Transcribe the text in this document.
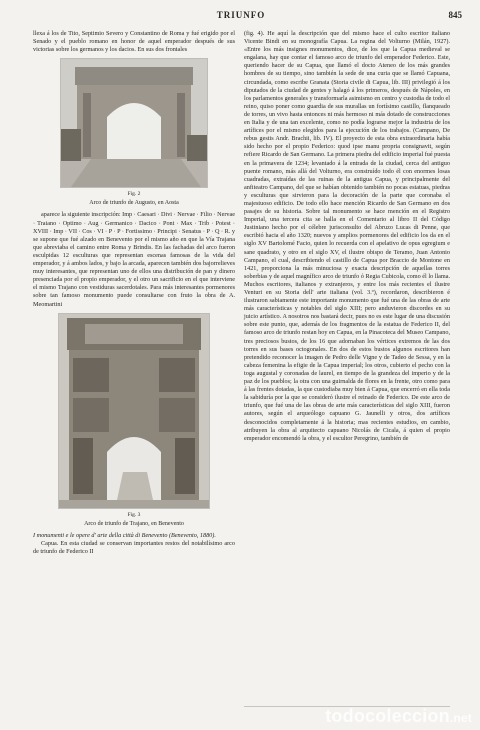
TRIUNFO	845

llexa á los de Tito, Septimio Severo y Constantino de Roma y fué erigido por el Senado y el pueblo romano en honor de aquel emperador después de sus victorias sobre los germanos y los dacios. En sus dos frontales

Fig. 2
Arco de triunfo de Augusto, en Aosta

aparece la siguiente inscripción: Imp · Caesari · Divi · Nervae · Filio · Nervae · Traiano · Optimo · Aug · Germanico · Dacico · Pont · Max · Trib · Potest · XVIII · Imp · VII · Cos · VI · P · P · Fortissimo · Principi · Senatus · P · Q · R. y se supone que fué alzado en Benevento por el mismo año en que la Vía Trajana que abreviaba el camino entre Roma y Brindis. En las fachadas del arco fueron esculpidas 12 esculturas que representan escenas famosas de la vida del emperador, y á ambos lados, y bajo la arcada, aparecen también dos bajorrelieves muy interesantes, que representan uno de ellos una distribución de pan y dinero presenciada por el propio emperador, y el otro un sacrificio en el que interviene el mismo Trajano con vestiduras sacerdotales. Para más interesantes pormenores sobre tan famoso monumento puede consultarse con fruto la obra de A. Meomartini

Fig. 3
Arco de triunfo de Trajano, en Benevento

I monumenti e le opere d' arte della città di Benevento (Benevento, 1880).

Capua. En esta ciudad se conservan importantes restos del notabilísimo arco de triunfo de Federico II

(fig. 4). He aquí la descripción que del mismo hace el culto escritor italiano Vicente Bindi en su monografía Capua. La regina del Volturno (Milán, 1927). «Entre los más insignes monumentos, dice, de los que la Capua medieval se engalana, hay que contar el famoso arco de triunfo del emperador Federico. Este, queriendo hacer de su Capua, que llamó el docto Ateneo de los más grandes hombres de su tiempo, sino también la sede de una curia que se llamó Capuana, circundada, como escribe Granata (Storia civile di Capua, lib. III) privilegió á los diputados de la ciudad de gentes y halagó á los primeros, después de Nápoles, en los parlamentos generales y transformarla asimismo en centro y custodia de todo el reino, quiso poner como guardia de sus murallas un fortísimo castillo, flanqueado de torres, un vivo hasta entonces ni más hermoso ni más dotado de construcciones en Italia y de una tan excelente, como no podía lograrse mejor la industria de los artífices por el mismo elegidos para la ejecución de los trabajos. (Campano, De rebus gestis Andr. Brachii, lib. IV). El proyecto de esta obra extraordinaria había sido hecho por el propio Federico: quod ipse manu propria consignavit, según refiere Ricardo de San Germano. La primera piedra del edificio imperial fué puesta en la primavera de 1234; levantado á la entrada de la ciudad, cerca del antiguo puente romano, más allá del Volturno, era construído todo él con enormes losas cuadradas, extraídas de las ruinas de la antigua Capua, y principalmente del anfiteatro Campano, del que se habían obtenido también no pocas estatuas, piedras y esculturas que sirvieron para la decoración de la parte que coronaba el majestuoso edificio. De todo ello hace mención Ricardo de San Germano en dos pasajes de su historia. Sobre tal monumento se hace mención en el Registro Imperial, una tercera cita se halla en el Comentario al libro II del Código Justiniano hecho por el célebre jurisconsulto del Abruzo Lucas di Penne, que escribió hacia el año 1320; nuevos y amplios pormenores del edificio los da en el siglo XV Bartolomé Facio, quien lo recuerda con el apelativo de opus egregium e sane quadrato, y otro en el siglo XV, el ilustre obispo de Teramo, Juan Antonio Campano, el cual, describiendo el castillo de Capua por Braccio de Montone en 1421, proporciona la más minuciosa y exacta descripción de aquellas torres soberbias y de aquel magnífico arco de triunfo ó Regia Cubicola, como él lo llama. Muchos escritores, italianos y extranjeros, y entre los más recientes el ilustre Venturi en su Storia dell' arte italiana (vol. 3.º), recordaron, describieron é ilustraron sabiamente este importante monumento que fué una de las obras de arte más características y notables del siglo XIII; pero anduvieron discordes en su juicio artístico. A nosotros nos bastará decir, pues no es este lugar de una discusión sobre este punto, que, además de los fragmentos de la estatua de Federico II, del famoso arco de triunfo restan hoy en Capua, en la Pinacoteca del Museo Campano, tres preciosos bustos, de los 16 que adornaban los vértices extremos de las dos torres en sus bases octogonales. En dos de estos bustos algunos escritores han pretendido reconocer la imagen de Pedro delle Vigne y de Tadeo de Sessa, y en la cabeza femenina la efigie de la Capua imperial; los otros, cubierto el pecho con la toga augustal y coronadas de laurel, en tiempo de la grandeza del imperio y de la paz de los pueblos; la otra con una guirnalda de flores en la frente, otro como para á las frentes dotadas, la que custodiaba muy bien á Capua, que encerró en ella toda la sabiduría por la que se consideró ilustre el reinado de Federico. De este arco de triunfo, que fué una de las obras de arte más características del siglo XIII, fueron autores, según el arqueólogo capuano G. Jaunelli y otros, dos artífices desconocidos completamente á la historia; mas recientes estudios, en cambio, atribuyen la obra al arquitecto capuano Nicolás de Cicala, á quien el propio emperador encomendó la obra, y el escultor Peregrino, también de

todocoleccion.net
